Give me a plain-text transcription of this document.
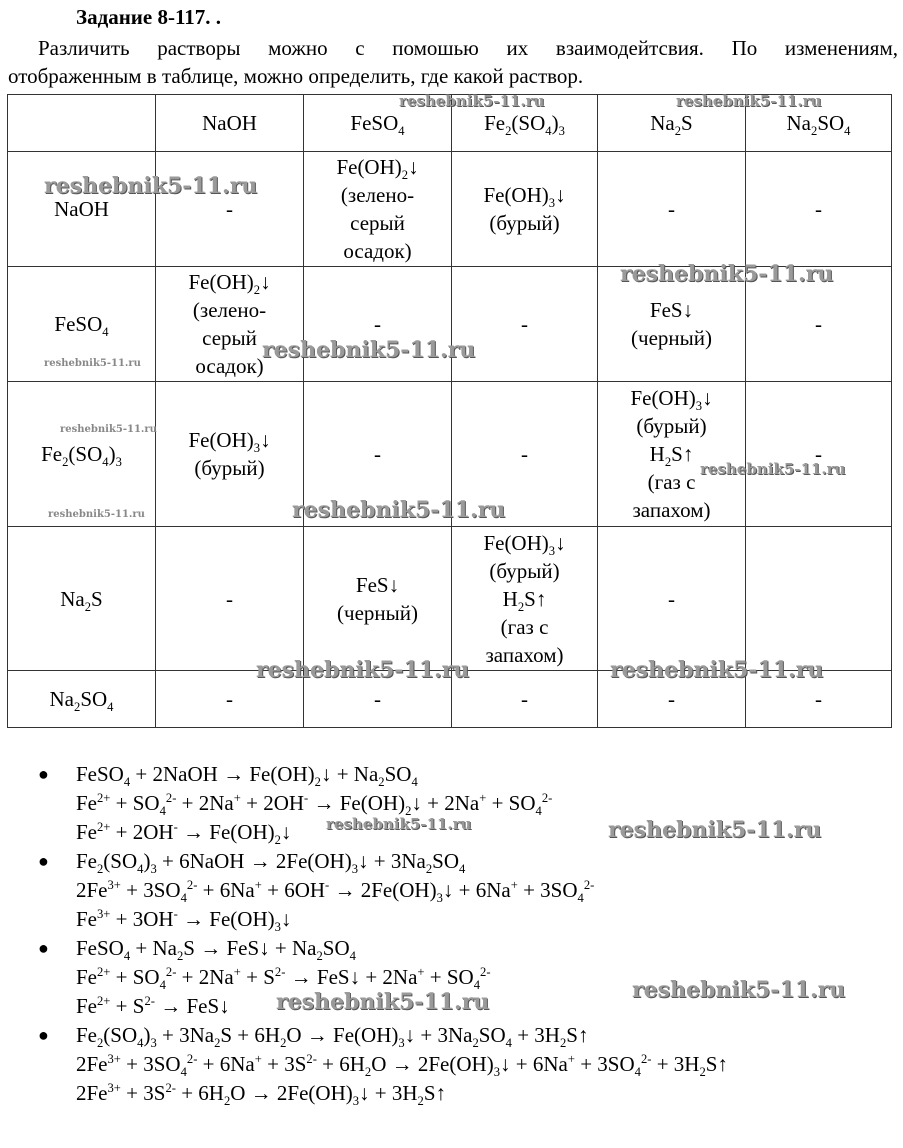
Задание 8-117. .
Различить растворы можно с помошью их взаимодейтсвия. По изменениям,
отображенным в таблице, можно определить, где какой раствор.
	NaOH	FeSO$_4$	$Fe_2(SO_4)_3$	$Na_2S$	$Na_2SO_4$
NaOH	-	$Fe(OH)_2↓$
(зелено-
серый
осадок)	$Fe(OH)_3↓$
(бурый)	-	-
FeSO$_4$	$Fe(OH)_2↓$
(зелено-
серый
осадок)	-	-	FeS↓
(черный)	-
$Fe_2(SO_4)_3$	$Fe(OH)_3↓$
(бурый)	-	-	$Fe(OH)_3↓$
(бурый)
$H_2S↑$
(газ с
запахом)	-
$Na_2S$	-	FeS↓
(черный)	$Fe(OH)_3↓$
(бурый)
$H_2S↑$
(газ с
запахом)	-	
$Na_2SO_4$	-	-	-	-	-
● FeSO$_4$ + 2NaOH → $Fe(OH)_2↓ + Na_2SO_4$
$Fe^{2+} + SO_4^{2-} + 2Na^+ + 2OH^-$ → $Fe(OH)_2↓ + 2Na^+ + SO_4^{2-}$
$Fe^{2+} + 2OH^-$ → $Fe(OH)_2↓$
● $Fe_2(SO_4)_3$ + 6NaOH → $2Fe(OH)_3↓ + 3Na_2SO_4$
$2Fe^{3+} + 3SO_4^{2-} + 6Na^+ + 6OH^-$ → $2Fe(OH)_3↓ + 6Na^+ + 3SO_4^{2-}$
$Fe^{3+} + 3OH^-$ → $Fe(OH)_3↓$
● FeSO$_4$ + $Na_2S$ → FeS↓ + $Na_2SO_4$
$Fe^{2+} + SO_4^{2-} + 2Na^+ + S^{2-}$ → FeS↓ + $2Na^+ + SO_4^{2-}$
$Fe^{2+} + S^{2-}$ → FeS↓
● $Fe_2(SO_4)_3 + 3Na_2S + 6H_2O$ → $Fe(OH)_3↓ + 3Na_2SO_4$ + $3H_2S↑$
$2Fe^{3+} + 3SO_4^{2-} + 6Na^+ + 3S^{2-} + 6H_2O$ → $2Fe(OH)_3↓ + 6Na^+ + 3SO_4^{2-}$ + $3H_2S↑$
$2Fe^{3+} + 3S^{2-} + 6H_2O$ → $2Fe(OH)_3↓$ + $3H_2S↑$
reshebnik5-11.ru	reshebnik5-11.ru
reshebnik5-11.ru
reshebnik5-11.ru
reshebnik5-11.ru
reshebnik5-11.ru
reshebnik5-11.ru
reshebnik5-11.ru
reshebnik5-11.ru
reshebnik5-11.ru
reshebnik5-11.ru	reshebnik5-11.ru
reshebnik5-11.ru	reshebnik5-11.ru
reshebnik5-11.ru
reshebnik5-11.ru
